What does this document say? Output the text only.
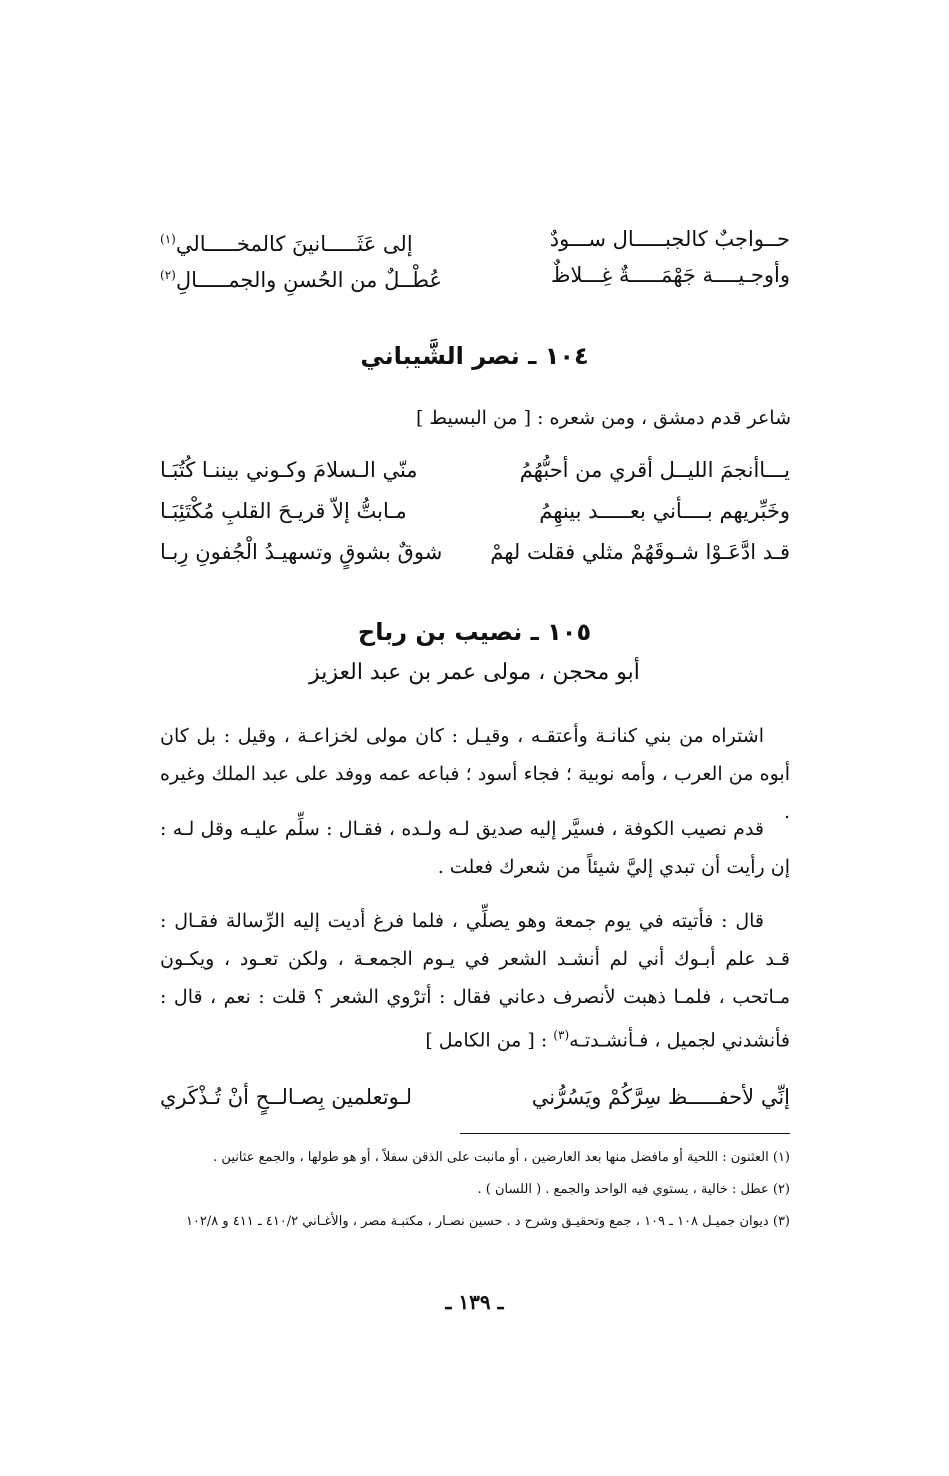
حــواجبٌ كالجبـــــال ســـودٌ
إلى عَثَـــــانينَ كالمخـــــالي$^{(١)}$
وأوجـيــــة جَهْمَـــــةٌ غِـــلاظٌ
عُطْــلٌ من الحُسنِ والجمـــــالِ$^{(٢)}$
١٠٤ ـ نصر الشَّيباني
شاعر قدم دمشق ، ومن شعره : [ من البسيط ]
يـــاأنجمَ الليــل أقري من أحبُّهُمُ
منّي الـسلامَ وكـوني بيننـا كُتُبَـا
وخَبِّريهم بــــأني بعـــــد بينهِمُ
مـابتُّ إلاّ قريـحَ القلبِ مُكْتَئِبَـا
قـد ادَّعَـوْا شـوقَهُمْ مثلي فقلت لهمْ
شوقٌ بشوقٍ وتسهيـدُ الْجُفونِ رِبـا
١٠٥ ـ نصيب بن رباح
أبو محجن ، مولى عمر بن عبد العزيز
اشتراه من بني كنانـة وأعتقـه ، وقيـل : كان مولى لخزاعـة ، وقيل : بل كان أبوه من العرب ، وأمه نوبية ؛ فجاء أسود ؛ فباعه عمه ووفد على عبد الملك وغيره .
قدم نصيب الكوفة ، فسيَّر إليه صديق لـه ولـده ، فقـال : سلِّم عليـه وقل لـه : إن رأيت أن تبدي إليَّ شيئاً من شعرك فعلت .
قال : فأتيته في يوم جمعة وهو يصلِّي ، فلما فرغ أديت إليه الرِّسالة فقـال : قـد علم أبـوك أني لم أنشـد الشعر في يـوم الجمعـة ، ولكن تعـود ، ويكـون مـاتحب ، فلمـا ذهبت لأنصرف دعاني فقال : أترْوي الشعر ؟ قلت : نعم ، قال : فأنشدني لجميل ، فـأنشـدتـه$^{(٣)}$ : [ من الكامل ]
إنِّي لأحفـــــظ سِرَّكُمْ ويَسُرُّني
لـوتعلمين بِصـالــحٍ أنْ تُـذْكَري
(١) العثنون : اللحية أو مافضل منها بعد العارضين ، أو مانبت على الذقن سفلاً ، أو هو طولها ، والجمع عثانين .
(٢) عطل : خالية ، يستوي فيه الواحد والجمع . ( اللسان ) .
(٣) ديوان جميـل ١٠٨ ـ ١٠٩ ، جمع وتحقيـق وشرح د . حسين نصـار ، مكتبـة مصر ، والأغـاني ٤١٠/٢ ـ ٤١١ و ١٠٢/٨
ـ ١٣٩ ـ
